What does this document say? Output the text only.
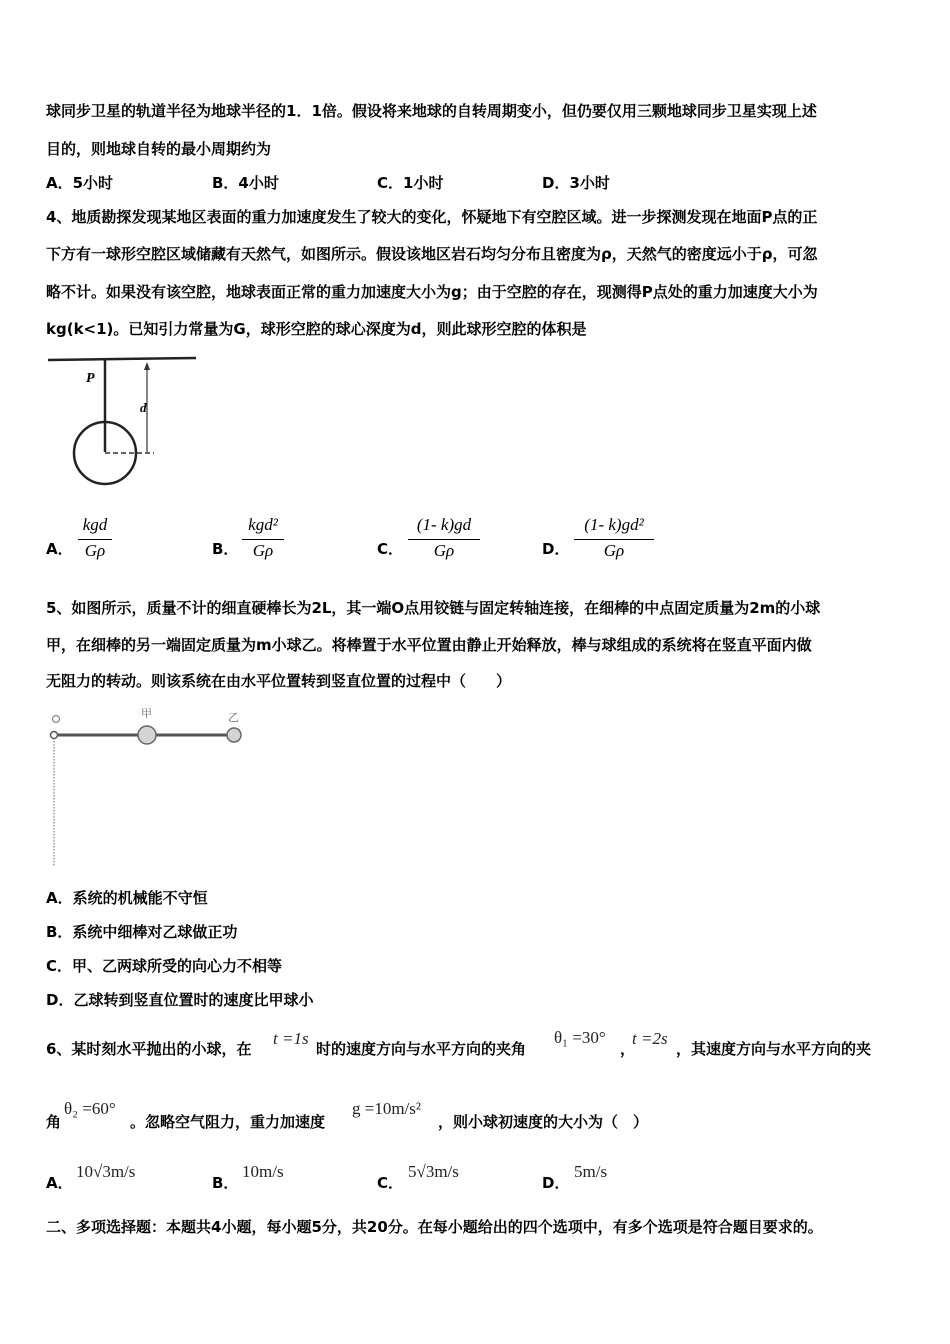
球同步卫星的轨道半径为地球半径的1．1倍。假设将来地球的自转周期变小，但仍要仅用三颗地球同步卫星实现上述
目的，则地球自转的最小周期约为
A．5小时	B．4小时	C．1小时	D．3小时
4、地质勘探发现某地区表面的重力加速度发生了较大的变化，怀疑地下有空腔区域。进一步探测发现在地面P点的正
下方有一球形空腔区域储藏有天然气，如图所示。假设该地区岩石均匀分布且密度为ρ，天然气的密度远小于ρ，可忽
略不计。如果没有该空腔，地球表面正常的重力加速度大小为g；由于空腔的存在，现测得P点处的重力加速度大小为
kg(k<1)。已知引力常量为G，球形空腔的球心深度为d，则此球形空腔的体积是
P
d
A．
kgd
Gρ	B．
kgd²
Gρ	C．
(1- k)gd
Gρ	D．
(1- k)gd²
Gρ
5、如图所示，质量不计的细直硬棒长为2L，其一端O点用铰链与固定转轴连接，在细棒的中点固定质量为2m的小球
甲，在细棒的另一端固定质量为m小球乙。将棒置于水平位置由静止开始释放，棒与球组成的系统将在竖直平面内做
无阻力的转动。则该系统在由水平位置转到竖直位置的过程中（　　）
甲	乙
A．系统的机械能不守恒
B．系统中细棒对乙球做正功
C．甲、乙两球所受的向心力不相等
D．乙球转到竖直位置时的速度比甲球小
6、某时刻水平抛出的小球，在
t =1s
时的速度方向与水平方向的夹角
θ₁ =30°
，
t =2s
，其速度方向与水平方向的夹
角
θ₂ =60°
。忽略空气阻力，重力加速度
g =10m/s²
，则小球初速度的大小为（　）
A．
10√3m/s
B．
10m/s
C．
5√3m/s
D．
5m/s
二、多项选择题：本题共4小题，每小题5分，共20分。在每小题给出的四个选项中，有多个选项是符合题目要求的。
